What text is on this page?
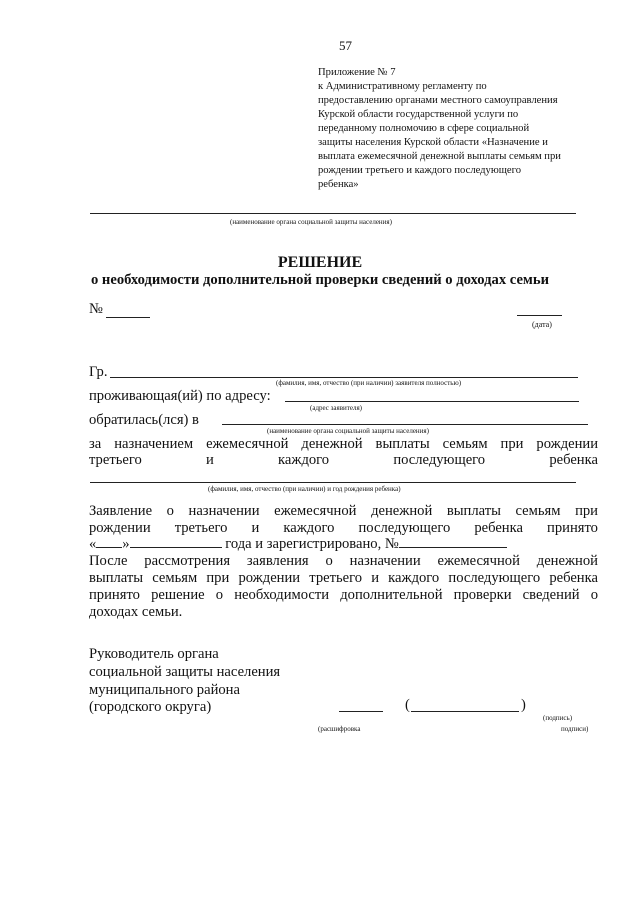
57
Приложение № 7
к Административному регламенту по
предоставлению органами местного самоуправления
Курской области государственной услуги по
переданному полномочию в сфере социальной
защиты населения Курской области «Назначение и
выплата ежемесячной денежной выплаты семьям при
рождении третьего и каждого последующего
ребенка»
(наименование органа социальной защиты населения)
РЕШЕНИЕ
о необходимости дополнительной проверки сведений о доходах семьи
№
(дата)
Гр.
(фамилия, имя, отчество (при наличии) заявителя полностью)
проживающая(ий) по адресу:
(адрес заявителя)
обратилась(лся) в
(наименование органа социальной защиты населения)
за назначением ежемесячной денежной выплаты семьям при рождении
третьего	и	каждого	последующего	ребенка
(фамилия, имя, отчество (при наличии) и год рождения ребенка)
Заявление о назначении ежемесячной денежной выплаты семьям при
рождении третьего и каждого последующего ребенка принято
« »	года и зарегистрировано, №
После рассмотрения заявления о назначении ежемесячной денежной
выплаты семьям при рождении третьего и каждого последующего ребенка
принято решение о необходимости дополнительной проверки сведений о
доходах семьи.
Руководитель органа
социальной защиты населения
муниципального района
(городского округа)	(	)
(подпись)
(расшифровка	подписи)
